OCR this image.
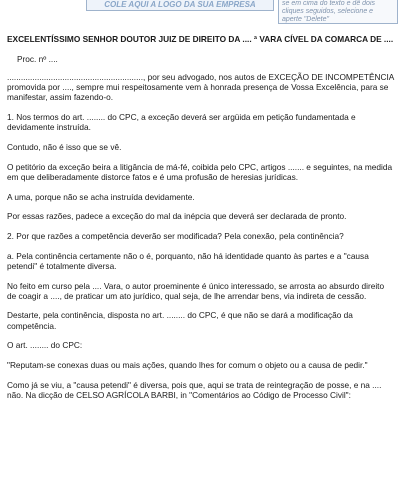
COLE AQUI A LOGO DA SUA EMPRESA	se em cima do texto e dê dois cliques seguidos, selecione e aperte "Delete"

EXCELENTÍSSIMO SENHOR DOUTOR JUIZ DE DIREITO DA .... ª VARA CÍVEL DA COMARCA DE ....

Proc. nº ....

..........................................................., por seu advogado, nos autos de EXCEÇÃO DE INCOMPETÊNCIA promovida por ...., sempre mui respeitosamente vem à honrada presença de Vossa Excelência, para se manifestar, assim fazendo-o.

1. Nos termos do art. ........ do CPC, a exceção deverá ser argüida em petição fundamentada e devidamente instruída.

Contudo, não é isso que se vê.

O petitório da exceção beira a litigância de má-fé, coibida pelo CPC, artigos ....... e seguintes, na medida em que deliberadamente distorce fatos e é uma profusão de heresias jurídicas.

A uma, porque não se acha instruída devidamente.

Por essas razões, padece a exceção do mal da inépcia que deverá ser declarada de pronto.

2. Por que razões a competência deverão ser modificada? Pela conexão, pela continência?

a. Pela continência certamente não o é, porquanto, não há identidade quanto às partes e a "causa petendi" é totalmente diversa.

No feito em curso pela .... Vara, o autor proeminente é único interessado, se arrosta ao absurdo direito de coagir a ...., de praticar um ato jurídico, qual seja, de lhe arrendar bens, via indireta de cessão.

Destarte, pela continência, disposta no art. ........ do CPC, é que não se dará a modificação da competência.

O art. ........ do CPC:

"Reputam-se conexas duas ou mais ações, quando lhes for comum o objeto ou a causa de pedir."

Como já se viu, a "causa petendi" é diversa, pois que, aqui se trata de reintegração de posse, e na .... não. Na dicção de CELSO AGRÍCOLA BARBI, in "Comentários ao Código de Processo Civil":
